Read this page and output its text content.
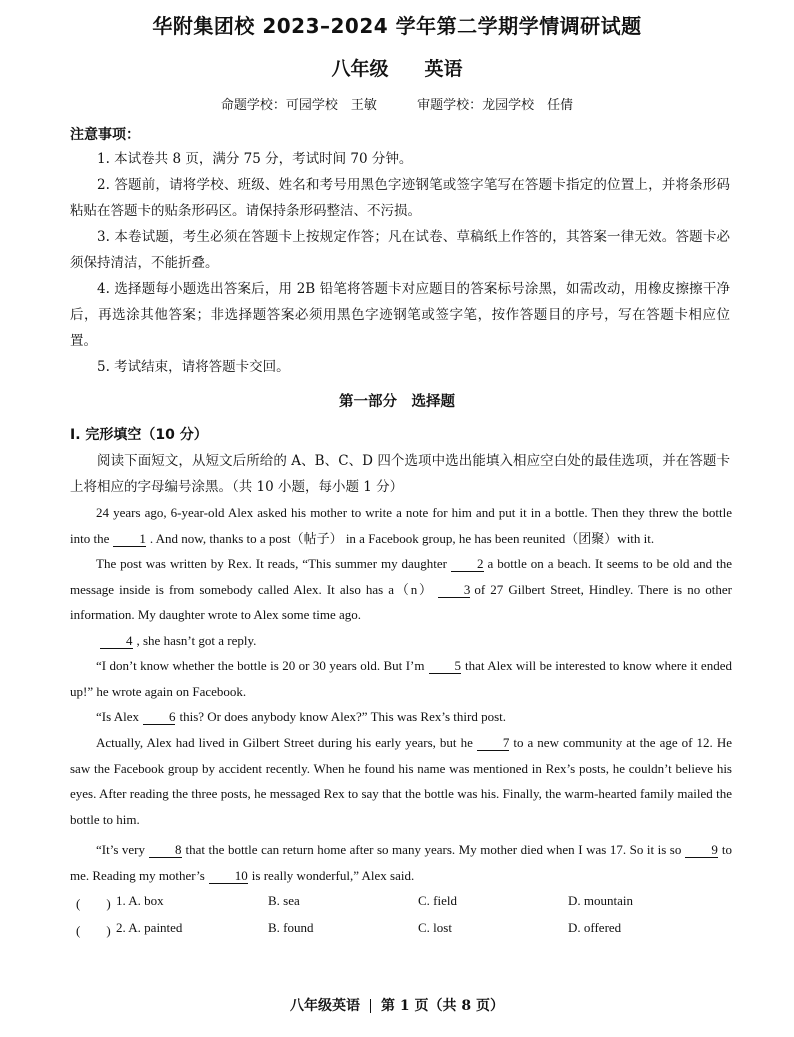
华附集团校 2023–2024 学年第二学期学情调研试题
八年级 英语
命题学校：可园学校　 王敏	审题学校：龙园学校　 任倩
注意事项：
1. 本试卷共 8 页，满分 75 分，考试时间 70 分钟。
2. 答题前，请将学校、班级、姓名和考号用黑色字迹钢笔或签字笔写在答题卡指定的位置上，并将条形码粘贴在答题卡的贴条形码区。请保持条形码整洁、不污损。
3. 本卷试题，考生必须在答题卡上按规定作答；凡在试卷、草稿纸上作答的，其答案一律无效。答题卡必须保持清洁，不能折叠。
4. 选择题每小题选出答案后，用 2B 铅笔将答题卡对应题目的答案标号涂黑，如需改动，用橡皮擦擦干净后，再选涂其他答案；非选择题答案必须用黑色字迹钢笔或签字笔，按作答题目的序号，写在答题卡相应位置。
5. 考试结束，请将答题卡交回。
第一部分　选择题
I. 完形填空（10 分）
阅读下面短文，从短文后所给的 A、B、C、D 四个选项中选出能填入相应空白处的最佳选项，并在答题卡上将相应的字母编号涂黑。（共 10 小题，每小题 1 分）
24 years ago, 6-year-old Alex asked his mother to write a note for him and put it in a bottle. Then they threw the bottle into the 1 . And now, thanks to a post（帖子） in a Facebook group, he has been reunited（团聚）with it.
The post was written by Rex. It reads, “This summer my daughter 2 a bottle on a beach. It seems to be old and the message inside is from somebody called Alex. It also has a（n） 3 of 27 Gilbert Street, Hindley. There is no other information. My daughter wrote to Alex some time ago.
4 , she hasn’t got a reply.
“I don’t know whether the bottle is 20 or 30 years old. But I’m 5 that Alex will be interested to know where it ended up!” he wrote again on Facebook.
“Is Alex 6 this? Or does anybody know Alex?” This was Rex’s third post.
Actually, Alex had lived in Gilbert Street during his early years, but he 7 to a new community at the age of 12. He saw the Facebook group by accident recently. When he found his name was mentioned in Rex’s posts, he couldn’t believe his eyes. After reading the three posts, he messaged Rex to say that the bottle was his. Finally, the warm-hearted family mailed the bottle to him.
“It’s very 8 that the bottle can return home after so many years. My mother died when I was 17. So it is so 9 to me. Reading my mother’s 10 is really wonderful,” Alex said.
(　　) 1. A. box	B. sea	C. field	D. mountain
(　　) 2. A. painted	B. found	C. lost	D. offered
八年级英语 第 1 页（共 8 页）
